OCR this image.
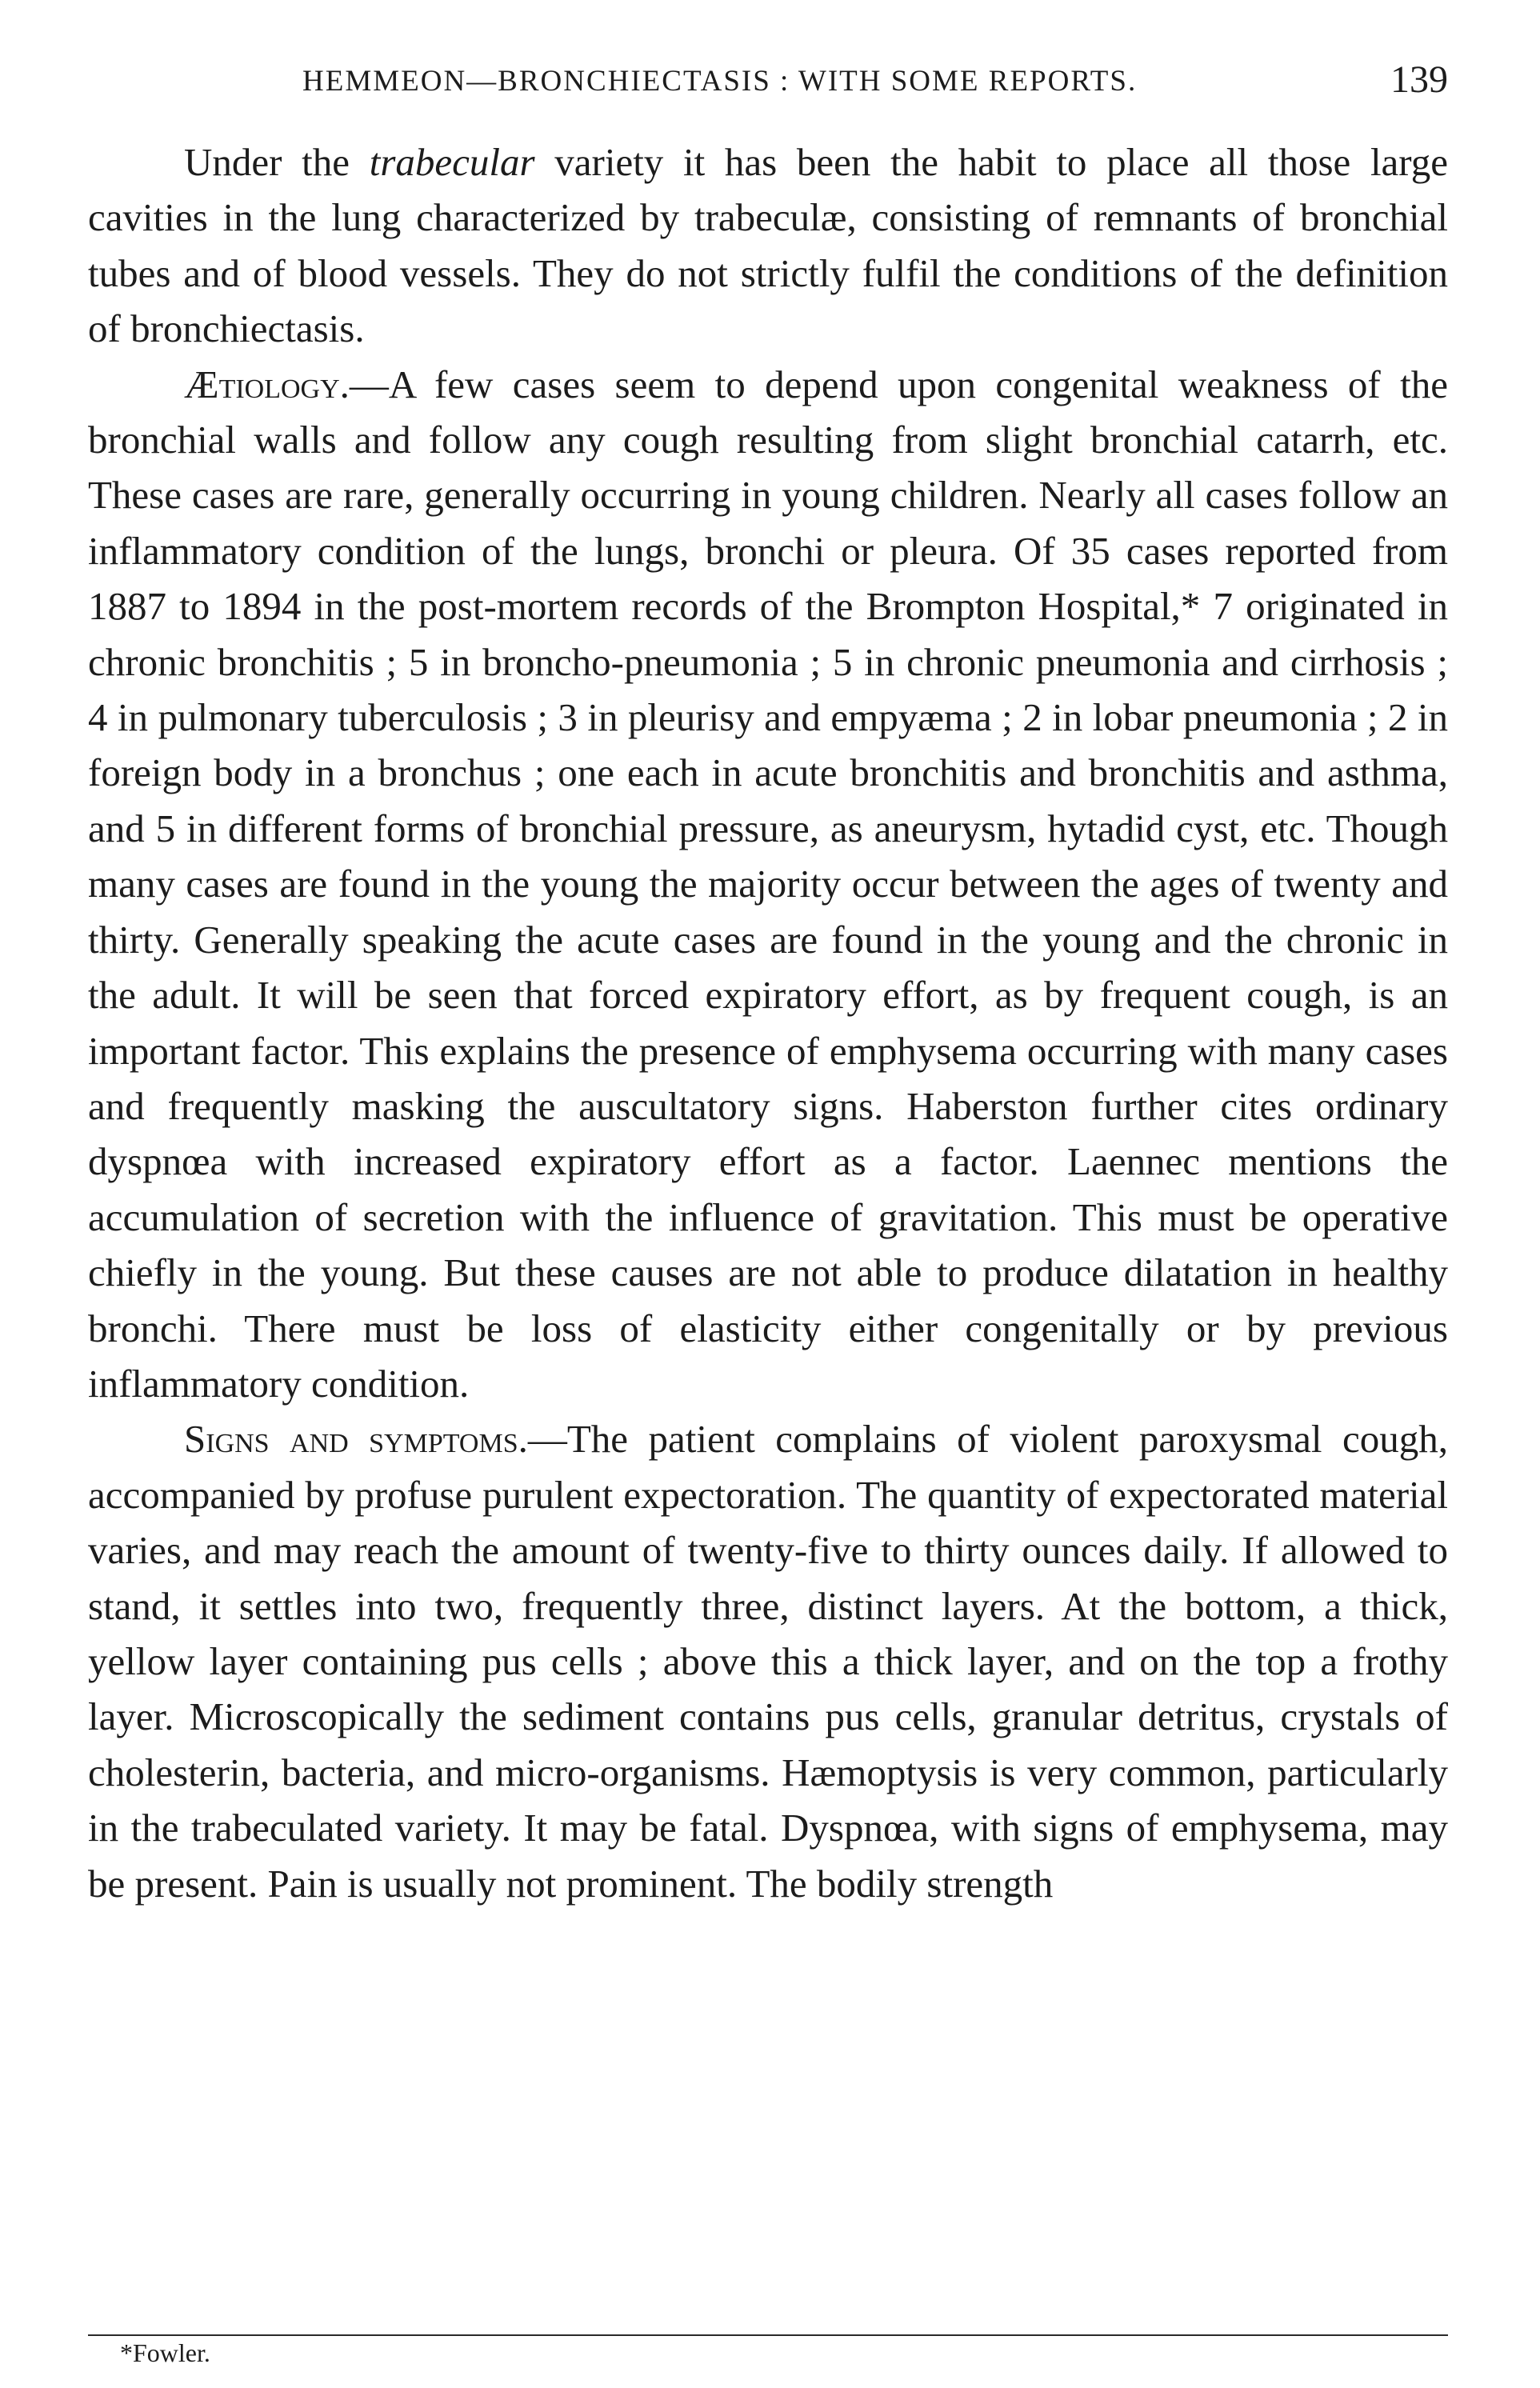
HEMMEON—BRONCHIECTASIS : WITH SOME REPORTS.	139

Under the trabecular variety it has been the habit to place all those large cavities in the lung characterized by trabeculæ, consisting of remnants of bronchial tubes and of blood vessels. They do not strictly fulfil the conditions of the definition of bronchiectasis.

Ætiology.—A few cases seem to depend upon congenital weakness of the bronchial walls and follow any cough resulting from slight bronchial catarrh, etc. These cases are rare, generally occurring in young children. Nearly all cases follow an inflammatory condition of the lungs, bronchi or pleura. Of 35 cases reported from 1887 to 1894 in the post-mortem records of the Brompton Hospital,* 7 originated in chronic bronchitis ; 5 in broncho-pneumonia ; 5 in chronic pneumonia and cirrhosis ; 4 in pulmonary tuberculosis ; 3 in pleurisy and empyæma ; 2 in lobar pneumonia ; 2 in foreign body in a bronchus ; one each in acute bronchitis and bronchitis and asthma, and 5 in different forms of bronchial pressure, as aneurysm, hytadid cyst, etc. Though many cases are found in the young the majority occur between the ages of twenty and thirty. Generally speaking the acute cases are found in the young and the chronic in the adult. It will be seen that forced expiratory effort, as by frequent cough, is an important factor. This explains the presence of emphysema occurring with many cases and frequently masking the auscultatory signs. Haberston further cites ordinary dyspnœa with increased expiratory effort as a factor. Laennec mentions the accumulation of secretion with the influence of gravitation. This must be operative chiefly in the young. But these causes are not able to produce dilatation in healthy bronchi. There must be loss of elasticity either congenitally or by previous inflammatory condition.

Signs and symptoms.—The patient complains of violent paroxysmal cough, accompanied by profuse purulent expectoration. The quantity of expectorated material varies, and may reach the amount of twenty-five to thirty ounces daily. If allowed to stand, it settles into two, frequently three, distinct layers. At the bottom, a thick, yellow layer containing pus cells ; above this a thick layer, and on the top a frothy layer. Microscopically the sediment contains pus cells, granular detritus, crystals of cholesterin, bacteria, and micro-organisms. Hæmoptysis is very common, particularly in the trabeculated variety. It may be fatal. Dyspnœa, with signs of emphysema, may be present. Pain is usually not prominent. The bodily strength

*Fowler.
